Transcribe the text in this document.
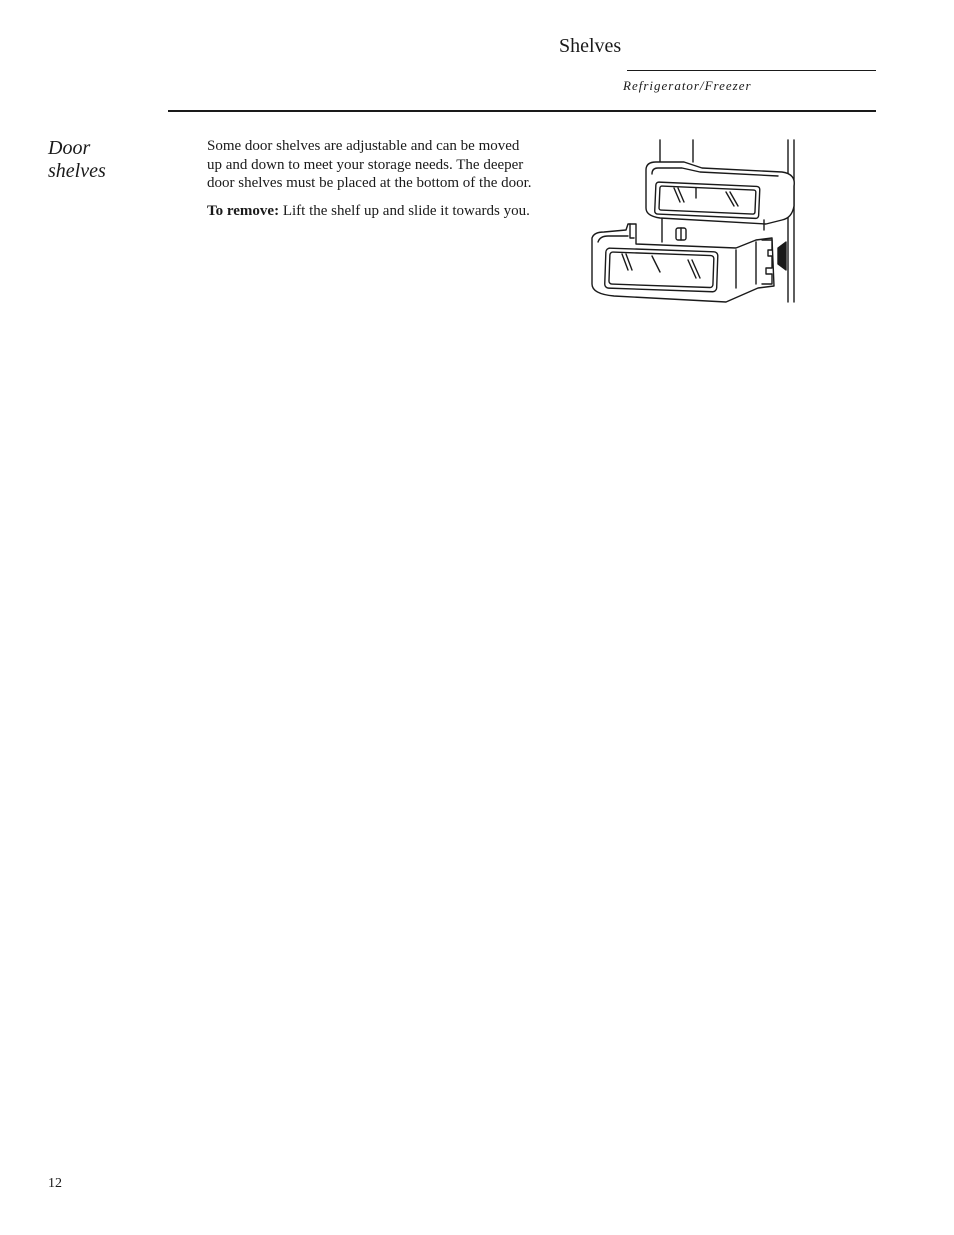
Shelves
Refrigerator/Freezer
Door
shelves

Some door shelves are adjustable and can be moved up and down to meet your storage needs. The deeper door shelves must be placed at the bottom of the door.

To remove: Lift the shelf up and slide it towards you.

12
